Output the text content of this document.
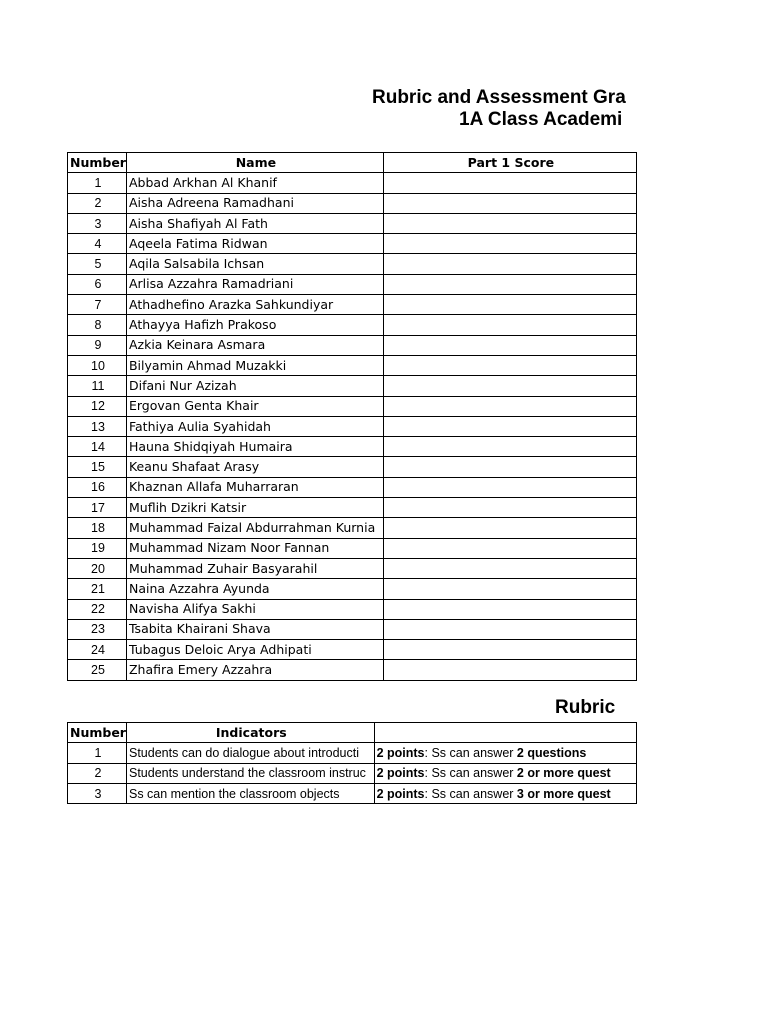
Rubric and Assessment Gra
1A Class Academi
Number	Name	Part 1 Score
1	Abbad Arkhan Al Khanif	
2	Aisha Adreena Ramadhani	
3	Aisha Shafiyah Al Fath	
4	Aqeela Fatima Ridwan	
5	Aqila Salsabila Ichsan	
6	Arlisa Azzahra Ramadriani	
7	Athadhefino Arazka Sahkundiyar	
8	Athayya Hafizh Prakoso	
9	Azkia Keinara Asmara	
10	Bilyamin Ahmad Muzakki	
11	Difani Nur Azizah	
12	Ergovan Genta Khair	
13	Fathiya Aulia Syahidah	
14	Hauna Shidqiyah Humaira	
15	Keanu Shafaat Arasy	
16	Khaznan Allafa Muharraran	
17	Muflih Dzikri Katsir	
18	Muhammad Faizal Abdurrahman Kurnia	
19	Muhammad Nizam Noor Fannan	
20	Muhammad Zuhair Basyarahil	
21	Naina Azzahra Ayunda	
22	Navisha Alifya Sakhi	
23	Tsabita Khairani Shava	
24	Tubagus Deloic Arya Adhipati	
25	Zhafira Emery Azzahra	
Rubric
Number	Indicators	
1	Students can do dialogue about introducti	2 points: Ss can answer 2 questions
2	Students understand the classroom instruc	2 points: Ss can answer 2 or more quest
3	Ss can mention the classroom objects	2 points: Ss can answer 3 or more quest
